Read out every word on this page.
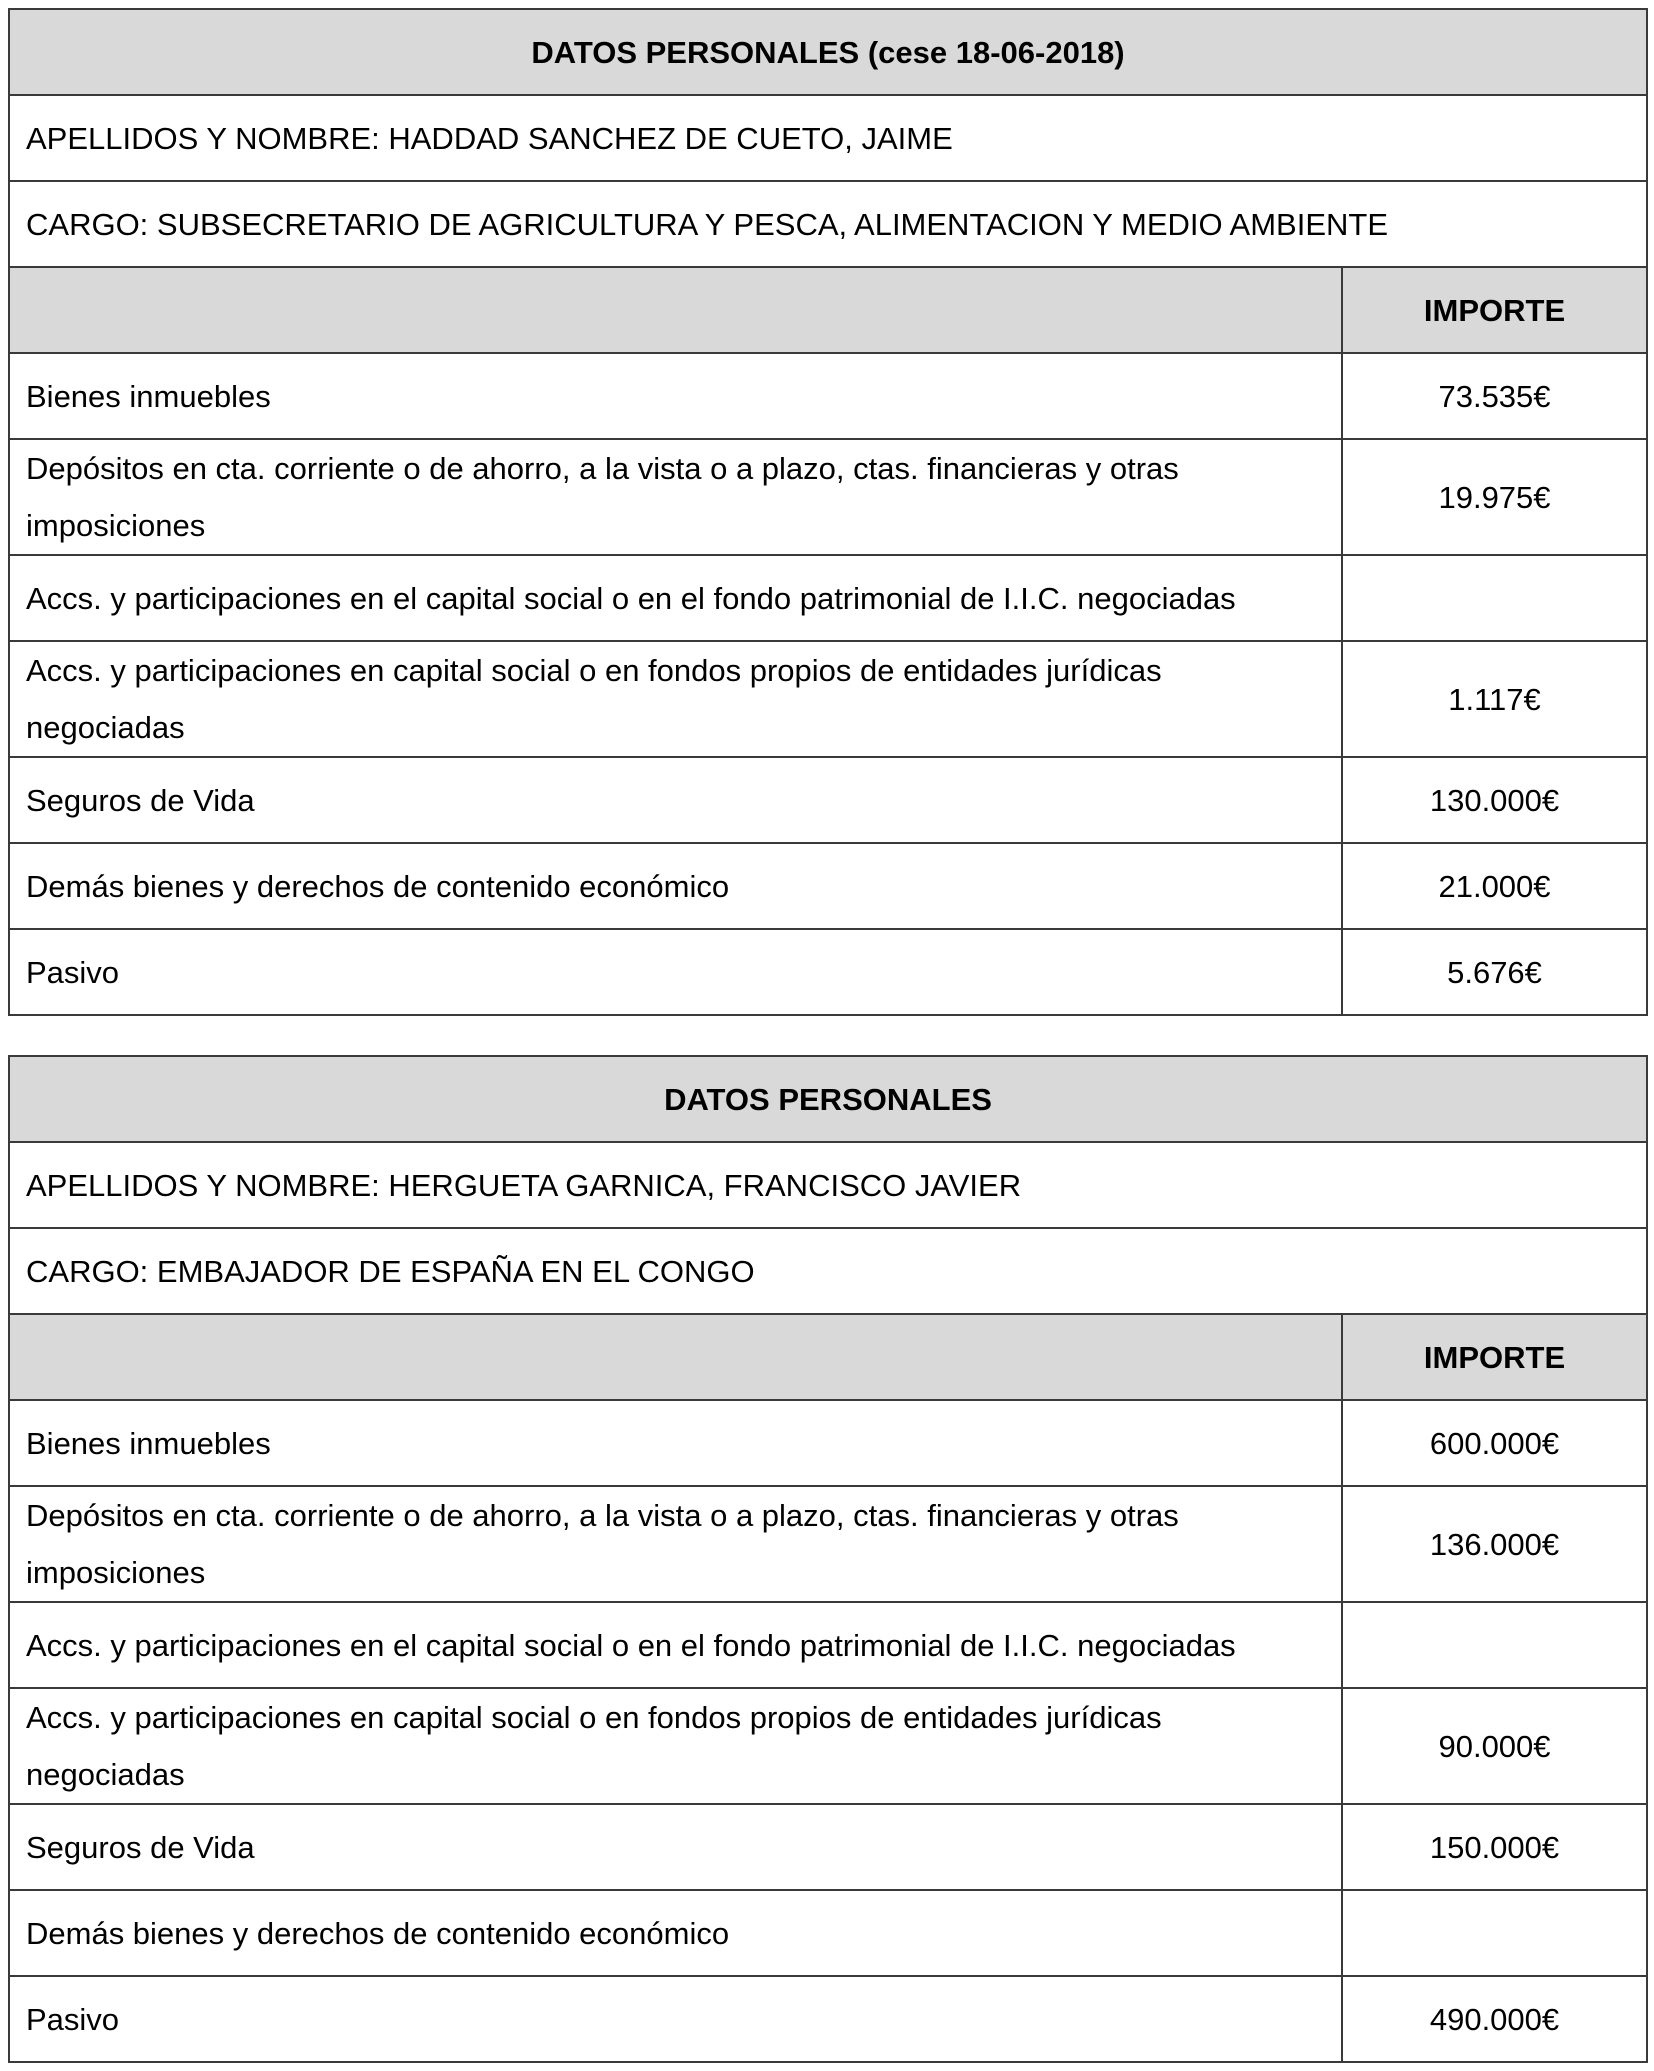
DATOS PERSONALES (cese 18-06-2018)	
APELLIDOS Y NOMBRE: HADDAD SANCHEZ DE CUETO, JAIME	
CARGO: SUBSECRETARIO DE AGRICULTURA Y PESCA, ALIMENTACION Y MEDIO AMBIENTE	
	IMPORTE
Bienes inmuebles	73.535€
Depósitos en cta. corriente o de ahorro, a la vista o a plazo, ctas. financieras y otras imposiciones	19.975€
Accs. y participaciones en el capital social o en el fondo patrimonial de I.I.C. negociadas	
Accs. y participaciones en capital social o en fondos propios de entidades jurídicas negociadas	1.117€
Seguros de Vida	130.000€
Demás bienes y derechos de contenido económico	21.000€
Pasivo	5.676€
DATOS PERSONALES	
APELLIDOS Y NOMBRE: HERGUETA GARNICA, FRANCISCO JAVIER	
CARGO: EMBAJADOR DE ESPAÑA EN EL CONGO	
	IMPORTE
Bienes inmuebles	600.000€
Depósitos en cta. corriente o de ahorro, a la vista o a plazo, ctas. financieras y otras imposiciones	136.000€
Accs. y participaciones en el capital social o en el fondo patrimonial de I.I.C. negociadas	
Accs. y participaciones en capital social o en fondos propios de entidades jurídicas negociadas	90.000€
Seguros de Vida	150.000€
Demás bienes y derechos de contenido económico	
Pasivo	490.000€
